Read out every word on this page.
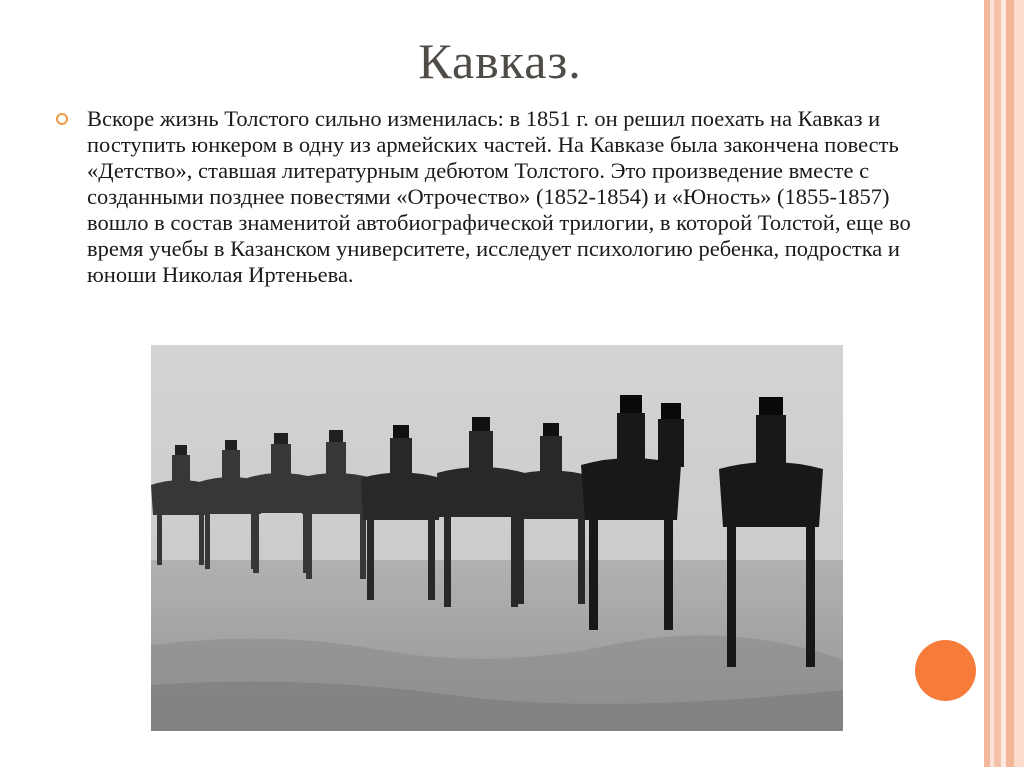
Кавказ.

Вскоре жизнь Толстого сильно изменилась: в 1851 г. он решил поехать на Кавказ и поступить юнкером в одну из армейских частей. На Кавказе была закончена повесть «Детство», ставшая литературным дебютом Толстого. Это произведение вместе с созданными позднее повестями «Отрочество» (1852-1854) и «Юность» (1855-1857) вошло в состав знаменитой автобиографической трилогии, в которой Толстой, еще во время учебы в Казанском университете, исследует психологию ребенка, подростка и юноши Николая Иртеньева.
